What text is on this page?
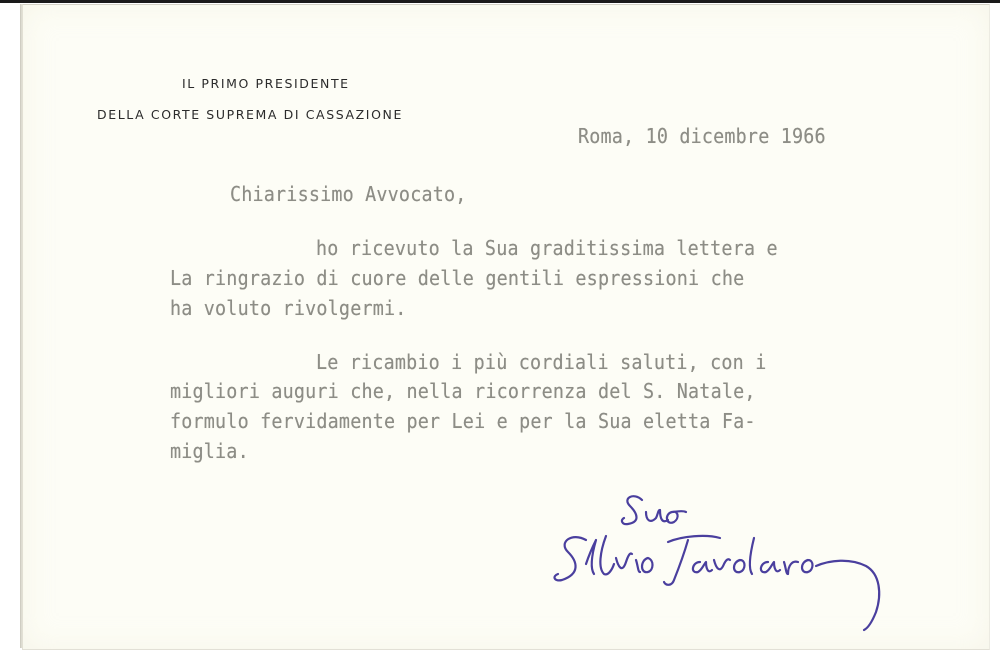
IL PRIMO PRESIDENTE
DELLA CORTE SUPREMA DI CASSAZIONE
Roma, 10 dicembre 1966
Chiarissimo Avvocato,
ho ricevuto la Sua graditissima lettera e
La ringrazio di cuore delle gentili espressioni che
ha voluto rivolgermi.
Le ricambio i più cordiali saluti, con i
migliori auguri che, nella ricorrenza del S. Natale,
formulo fervidamente per Lei e per la Sua eletta Fa-
miglia.
